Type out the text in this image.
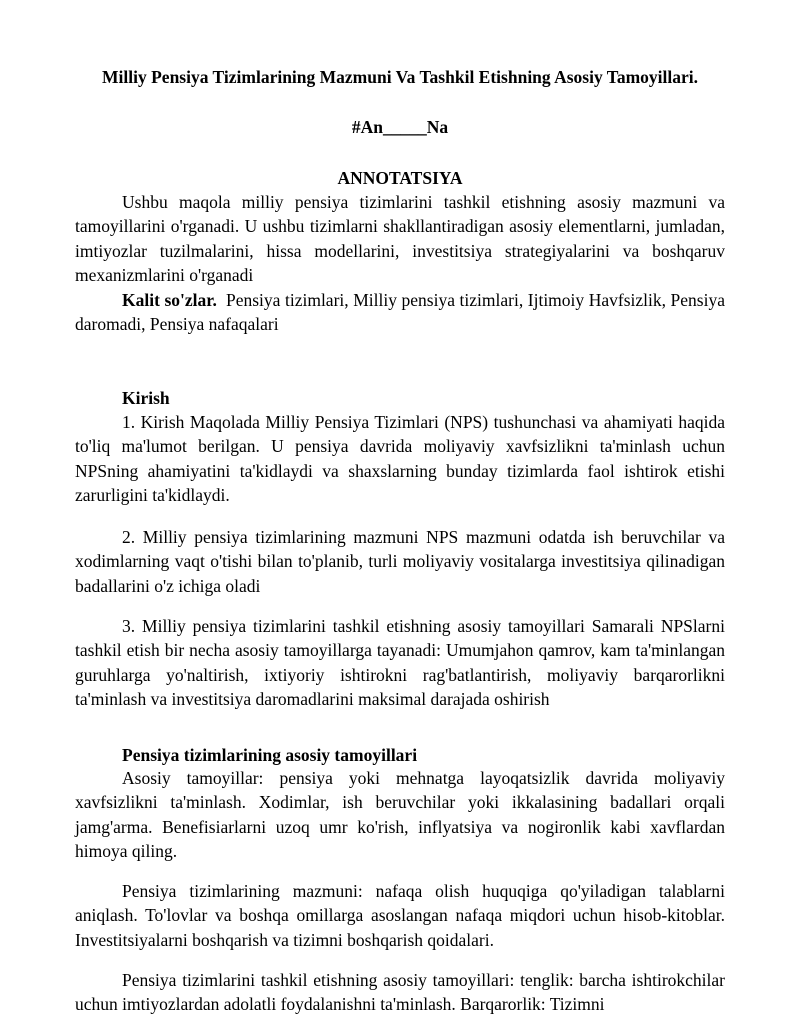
Milliy Pensiya Tizimlarining Mazmuni Va Tashkil Etishning Asosiy Tamoyillari.
#An_____Na
ANNOTATSIYA

Ushbu maqola milliy pensiya tizimlarini tashkil etishning asosiy mazmuni va tamoyillarini o'rganadi. U ushbu tizimlarni shakllantiradigan asosiy elementlarni, jumladan, imtiyozlar tuzilmalarini, hissa modellarini, investitsiya strategiyalarini va boshqaruv mexanizmlarini o'rganadi

Kalit so'zlar. Pensiya tizimlari, Milliy pensiya tizimlari, Ijtimoiy Havfsizlik, Pensiya daromadi, Pensiya nafaqalari

Kirish

1. Kirish Maqolada Milliy Pensiya Tizimlari (NPS) tushunchasi va ahamiyati haqida to'liq ma'lumot berilgan. U pensiya davrida moliyaviy xavfsizlikni ta'minlash uchun NPSning ahamiyatini ta'kidlaydi va shaxslarning bunday tizimlarda faol ishtirok etishi zarurligini ta'kidlaydi.

2. Milliy pensiya tizimlarining mazmuni NPS mazmuni odatda ish beruvchilar va xodimlarning vaqt o'tishi bilan to'planib, turli moliyaviy vositalarga investitsiya qilinadigan badallarini o'z ichiga oladi

3. Milliy pensiya tizimlarini tashkil etishning asosiy tamoyillari Samarali NPSlarni tashkil etish bir necha asosiy tamoyillarga tayanadi: Umumjahon qamrov, kam ta'minlangan guruhlarga yo'naltirish, ixtiyoriy ishtirokni rag'batlantirish, moliyaviy barqarorlikni ta'minlash va investitsiya daromadlarini maksimal darajada oshirish

Pensiya tizimlarining asosiy tamoyillari

Asosiy tamoyillar: pensiya yoki mehnatga layoqatsizlik davrida moliyaviy xavfsizlikni ta'minlash. Xodimlar, ish beruvchilar yoki ikkalasining badallari orqali jamg'arma. Benefisiarlarni uzoq umr ko'rish, inflyatsiya va nogironlik kabi xavflardan himoya qiling.

Pensiya tizimlarining mazmuni: nafaqa olish huquqiga qo'yiladigan talablarni aniqlash. To'lovlar va boshqa omillarga asoslangan nafaqa miqdori uchun hisob-kitoblar. Investitsiyalarni boshqarish va tizimni boshqarish qoidalari.

Pensiya tizimlarini tashkil etishning asosiy tamoyillari: tenglik: barcha ishtirokchilar uchun imtiyozlardan adolatli foydalanishni ta'minlash. Barqarorlik: Tizimni
